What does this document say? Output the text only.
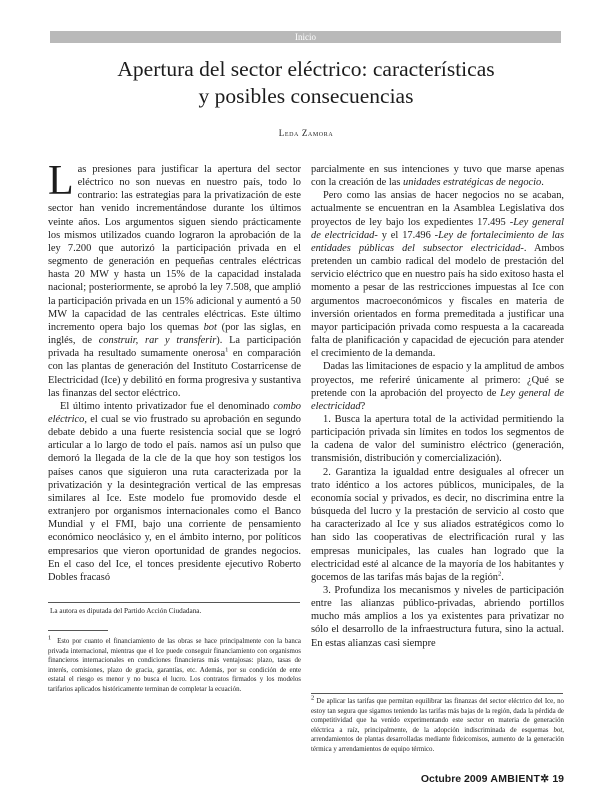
Inicio
Apertura del sector eléctrico: características
y posibles consecuencias
Leda Zamora

Las presiones para justificar la apertura del sector eléctrico no son nuevas en nuestro país, todo lo contrario: las estrategias para la privatización de este sector han venido incrementándose durante los últimos veinte años. Los argumentos siguen siendo prácticamente los mismos utilizados cuando lograron la aprobación de la ley 7.200 que autorizó la participación privada en el segmento de generación en pequeñas centrales eléctricas hasta 20 MW y hasta un 15% de la capacidad instalada nacional; posteriormente, se aprobó la ley 7.508, que amplió la participación privada en un 15% adicional y aumentó a 50 MW la capacidad de las centrales eléctricas. Este último incremento opera bajo los quemas bot (por las siglas, en inglés, de construir, rar y transferir). La participación privada ha resultado sumamente onerosa$^1$ en comparación con las plantas de generación del Instituto Costarricense de Electricidad (Ice) y debilitó en forma progresiva y sustantiva las finanzas del sector eléctrico.

El último intento privatizador fue el denominado combo eléctrico, el cual se vio frustrado su aprobación en segundo debate debido a una fuerte resistencia social que se logró articular a lo largo de todo el país. namos así un pulso que demoró la llegada de la cle de la que hoy son testigos los países canos que siguieron una ruta caracterizada por la privatización y la desintegración vertical de las empresas similares al Ice. Este modelo fue promovido desde el extranjero por organismos internacionales como el Banco Mundial y el FMI, bajo una corriente de pensamiento económico neoclásico y, en el ámbito interno, por políticos empresarios que vieron oportunidad de grandes negocios. En el caso del Ice, el tonces presidente ejecutivo Roberto Dobles fracasó

La autora es diputada del Partido Acción Ciudadana.

$^1$ Esto por cuanto el financiamiento de las obras se hace principalmente con la banca privada internacional, mientras que el Ice puede conseguir financiamiento con organismos financieros internacionales en condiciones financieras más ventajosas: plazo, tasas de interés, comisiones, plazo de gracia, garantías, etc. Además, por su condición de ente estatal el riesgo es menor y no busca el lucro. Los contratos firmados y los modelos tarifarios aplicados históricamente terminan de completar la ecuación.

parcialmente en sus intenciones y tuvo que marse apenas con la creación de las unidades estratégicas de negocio.

Pero como las ansias de hacer negocios no se acaban, actualmente se encuentran en la Asamblea Legislativa dos proyectos de ley bajo los expedientes 17.495 -Ley general de electricidad- y el 17.496 -Ley de fortalecimiento de las entidades públicas del subsector electricidad-. Ambos pretenden un cambio radical del modelo de prestación del servicio eléctrico que en nuestro país ha sido exitoso hasta el momento a pesar de las restricciones impuestas al Ice con argumentos macroeconómicos y fiscales en materia de inversión orientados en forma premeditada a justificar una mayor participación privada como respuesta a la cacareada falta de planificación y capacidad de ejecución para atender el crecimiento de la demanda.

Dadas las limitaciones de espacio y la amplitud de ambos proyectos, me referiré únicamente al primero: ¿Qué se pretende con la aprobación del proyecto de Ley general de electricidad?

1. Busca la apertura total de la actividad permitiendo la participación privada sin límites en todos los segmentos de la cadena de valor del suministro eléctrico (generación, transmisión, distribución y comercialización).

2. Garantiza la igualdad entre desiguales al ofrecer un trato idéntico a los actores públicos, municipales, de la economía social y privados, es decir, no discrimina entre la búsqueda del lucro y la prestación de servicio al costo que ha caracterizado al Ice y sus aliados estratégicos como lo han sido las cooperativas de electrificación rural y las empresas municipales, las cuales han logrado que la electricidad esté al alcance de la mayoría de los habitantes y gocemos de las tarifas más bajas de la región$^2$.

3. Profundiza los mecanismos y niveles de participación entre las alianzas público-privadas, abriendo portillos mucho más amplios a los ya existentes para privatizar no sólo el desarrollo de la infraestructura futura, sino la actual. En estas alianzas casi siempre

$^2$ De aplicar las tarifas que permitan equilibrar las finanzas del sector eléctrico del Ice, no estoy tan segura que sigamos teniendo las tarifas más bajas de la región, dada la pérdida de competitividad que ha venido experimentando este sector en materia de generación eléctrica a raíz, principalmente, de la adopción indiscriminada de esquemas bot, arrendamientos de plantas desarrolladas mediante fideicomisos, aumento de la generación térmica y arrendamientos de equipo térmico.

Octubre 2009 AMBIENT✲ 19
